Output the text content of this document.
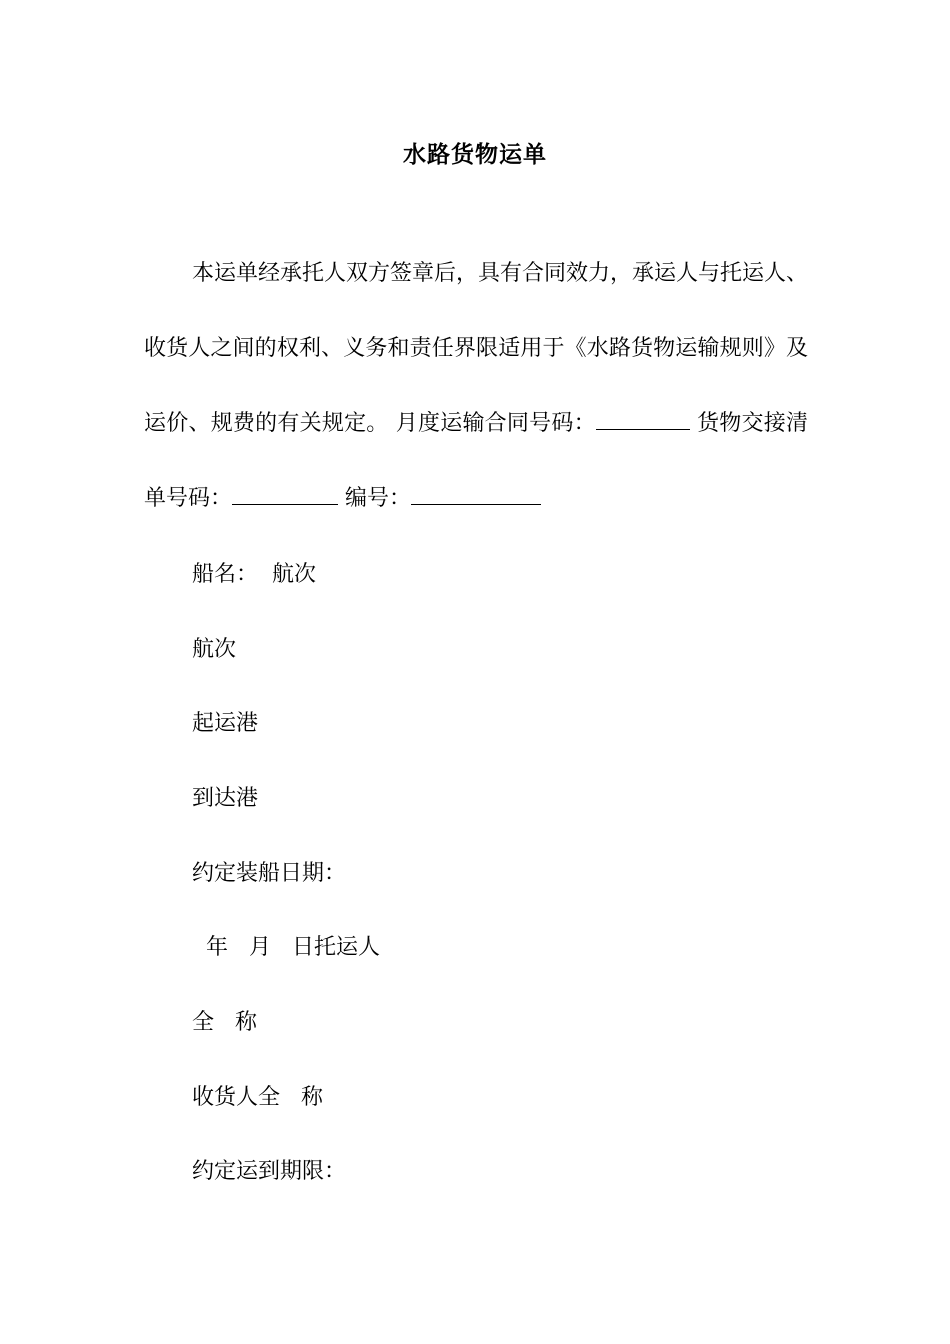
水路货物运单
本运单经承托人双方签章后，具有合同效力，承运人与托运人、收货人之间的权利、义务和责任界限适用于《水路货物运输规则》及运价、规费的有关规定。 月度运输合同号码：	货物交接清单号码：	编号：
船名：  航次
航次
起运港
到达港
约定装船日期：
年   月   日托运人
全   称
收货人全   称
约定运到期限：
